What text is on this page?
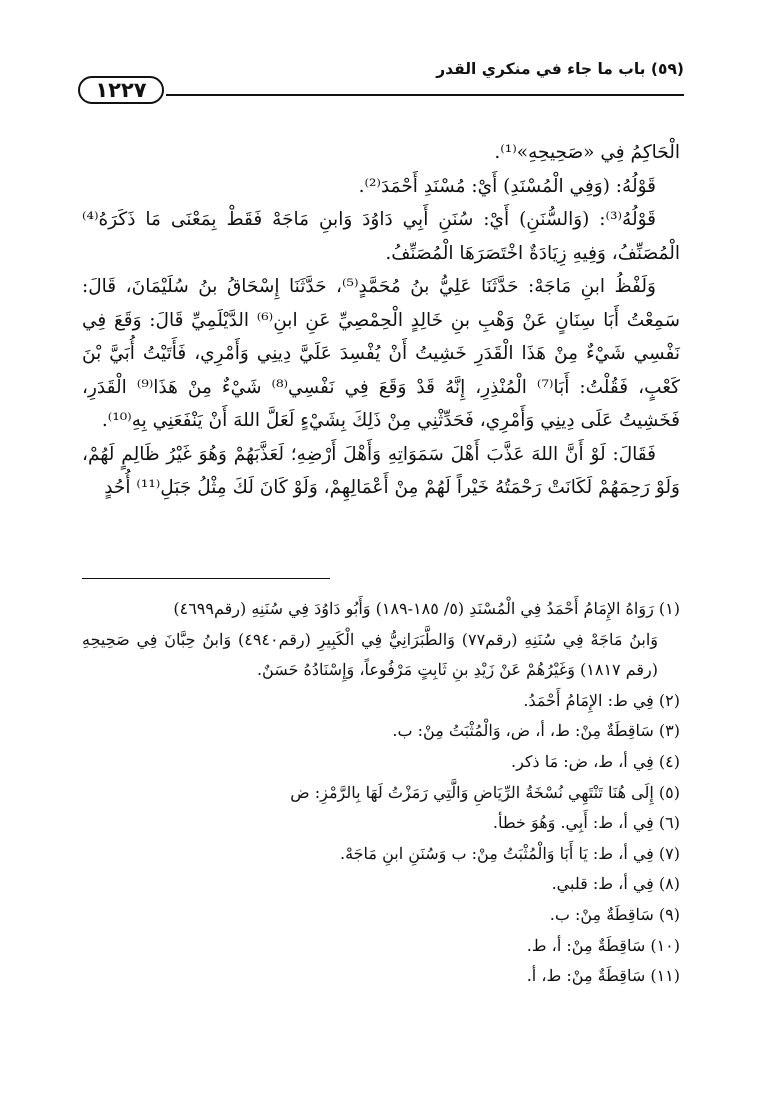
١٢٢٧
(٥٩) باب ما جاء في منكري القدر

الْحَاكِمُ فِي «صَحِيحِهِ»⁽¹⁾.

قَوْلُهُ: (وَفِي الْمُسْنَدِ) أَيْ: مُسْنَدِ أَحْمَدَ⁽²⁾.

قَوْلُهُ⁽³⁾: (وَالسُّنَنِ) أَيْ: سُنَنِ أَبِي دَاوُدَ وَابنِ مَاجَهْ فَقَطْ بِمَعْنَى مَا ذَكَرَهُ⁽⁴⁾ الْمُصَنِّفُ، وَفِيهِ زِيَادَةٌ اخْتَصَرَهَا الْمُصَنِّفُ.

وَلَفْظُ ابنِ مَاجَهْ: حَدَّثَنَا عَلِيُّ بنُ مُحَمَّدٍ⁽⁵⁾، حَدَّثَنَا إِسْحَاقُ بنُ سُلَيْمَانَ، قَالَ: سَمِعْتُ أَبَا سِنَانٍ عَنْ وَهْبِ بنِ خَالِدٍ الْحِمْصِيِّ عَنِ ابنِ⁽⁶⁾ الدَّيْلَمِيِّ قَالَ: وَقَعَ فِي نَفْسِي شَيْءٌ مِنْ هَذَا الْقَدَرِ خَشِيتُ أَنْ يُفْسِدَ عَلَيَّ دِينِي وَأَمْرِي، فَأَتَيْتُ أُبَيَّ بْنَ كَعْبٍ، فَقُلْتُ: أَبَا⁽⁷⁾ الْمُنْذِرِ، إِنَّهُ قَدْ وَقَعَ فِي نَفْسِي⁽⁸⁾ شَيْءٌ مِنْ هَذَا⁽⁹⁾ الْقَدَرِ، فَخَشِيتُ عَلَى دِينِي وَأَمْرِي، فَحَدِّثْنِي مِنْ ذَلِكَ بِشَيْءٍ لَعَلَّ اللهَ أَنْ يَنْفَعَنِي بِهِ⁽¹⁰⁾.

فَقَالَ: لَوْ أَنَّ اللهَ عَذَّبَ أَهْلَ سَمَوَاتِهِ وَأَهْلَ أَرْضِهِ؛ لَعَذَّبَهُمْ وَهُوَ غَيْرُ ظَالِمٍ لَهُمْ، وَلَوْ رَحِمَهُمْ لَكَانَتْ رَحْمَتُهُ خَيْراً لَهُمْ مِنْ أَعْمَالِهِمْ، وَلَوْ كَانَ لَكَ مِثْلُ جَبَلِ⁽¹¹⁾ أُحُدٍ

(١) رَوَاهُ الإِمَامُ أَحْمَدُ فِي الْمُسْنَدِ (٥/ ١٨٥-١٨٩) وَأَبُو دَاوُدَ فِي سُنَنِهِ (رقم٤٦٩٩)

وَابنُ مَاجَهْ فِي سُنَنِهِ (رقم٧٧) وَالطَّبَرَانِيُّ فِي الْكَبِيرِ (رقم٤٩٤٠) وَابنُ حِبَّانَ فِي صَحِيحِهِ (رقم ١٨١٧) وَغَيْرُهُمْ عَنْ زَيْدِ بنِ ثَابِتٍ مَرْفُوعاً، وَإِسْنَادُهُ حَسَنٌ.

(٢) فِي ط: الإِمَامُ أَحْمَدُ.

(٣) سَاقِطَةٌ مِنْ: ط، أ، ض، وَالْمُثْبَتُ مِنْ: ب.

(٤) فِي أ، ط، ض: مَا ذكر.

(٥) إِلَى هُنَا تَنْتَهِي نُسْخَةُ الرِّيَاضِ وَالَّتِي رَمَزْتُ لَهَا بِالرَّمْزِ: ض

(٦) فِي أ، ط: أَبِي. وَهُوَ خطأ.

(٧) فِي أ، ط: يَا أَبَا وَالْمُثْبَتُ مِنْ: ب وَسُنَنِ ابنِ مَاجَهْ.

(٨) فِي أ، ط: قلبي.

(٩) سَاقِطَةٌ مِنْ: ب.

(١٠) سَاقِطَةٌ مِنْ: أ، ط.

(١١) سَاقِطَةٌ مِنْ: ط، أ.
